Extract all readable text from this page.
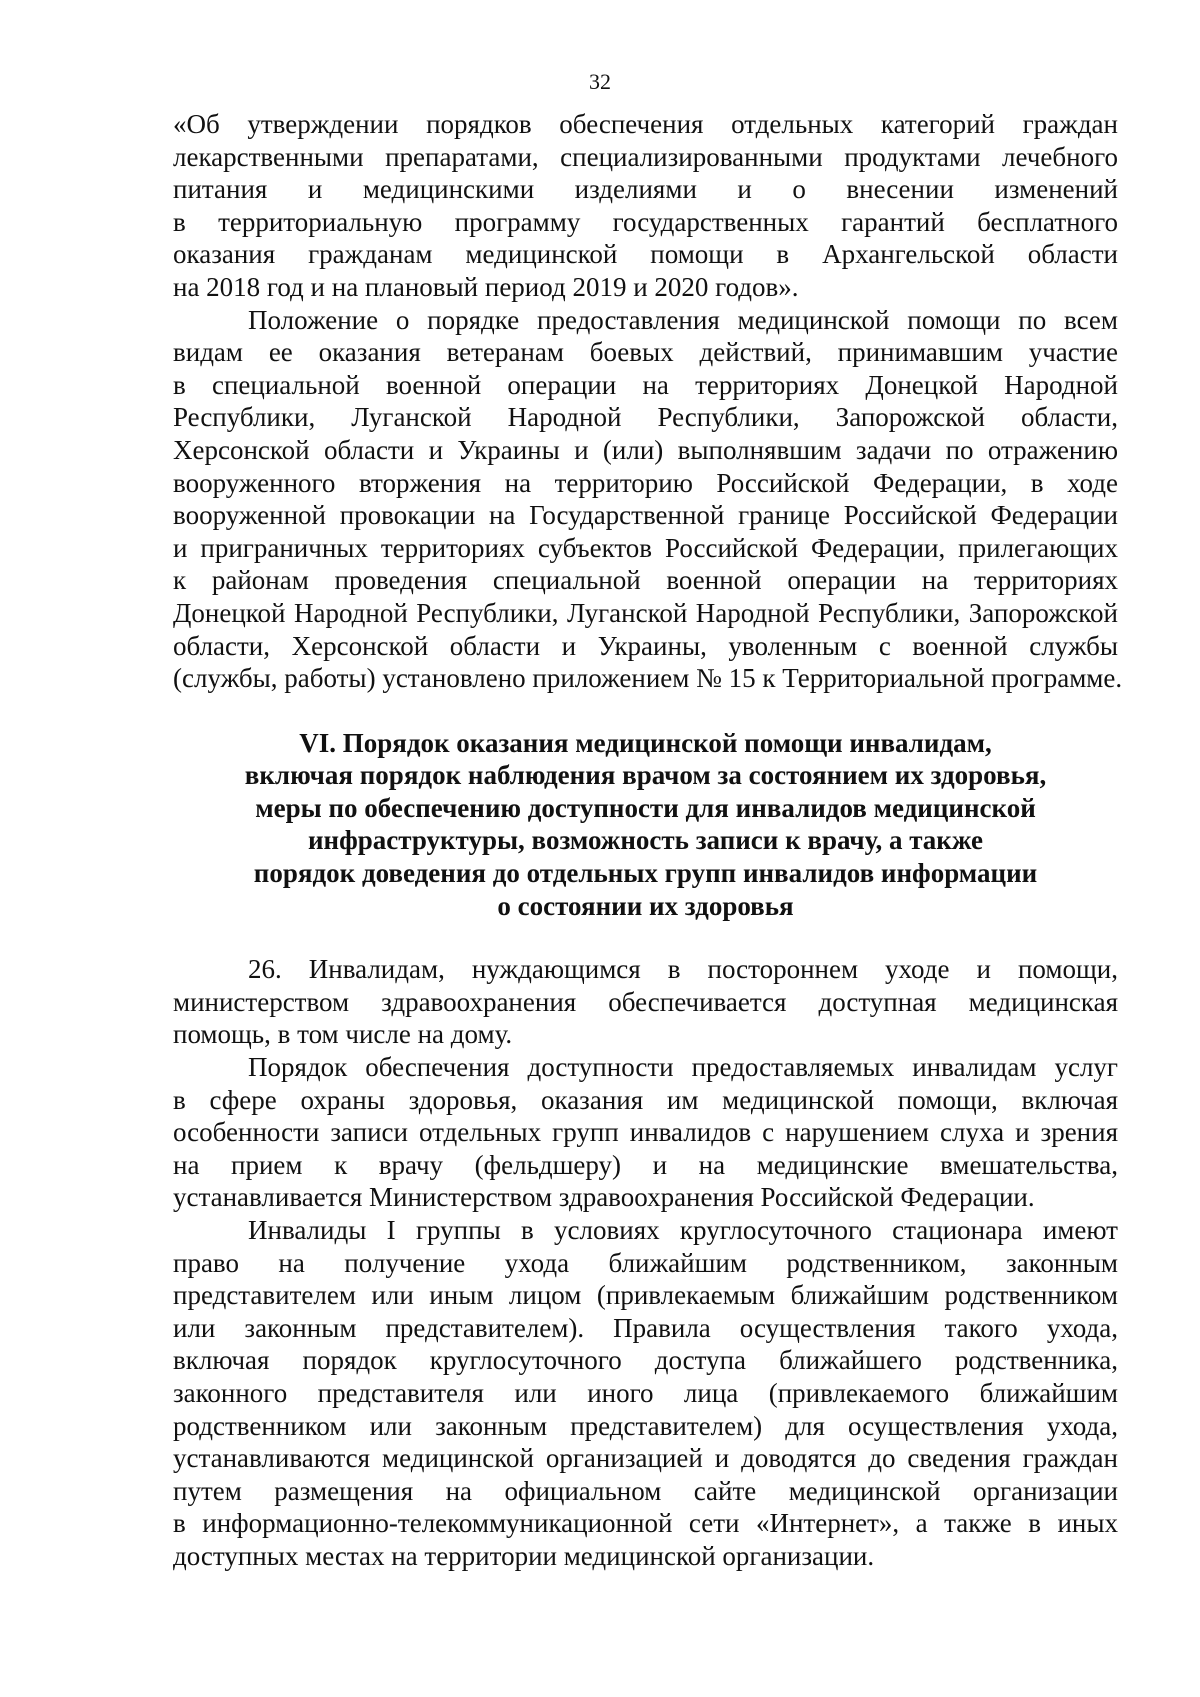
32
«Об утверждении порядков обеспечения отдельных категорий граждан
лекарственными препаратами, специализированными продуктами лечебного
питания и медицинскими изделиями и о внесении изменений
в территориальную программу государственных гарантий бесплатного
оказания гражданам медицинской помощи в Архангельской области
на 2018 год и на плановый период 2019 и 2020 годов».
Положение о порядке предоставления медицинской помощи по всем
видам ее оказания ветеранам боевых действий, принимавшим участие
в специальной военной операции на территориях Донецкой Народной
Республики, Луганской Народной Республики, Запорожской области,
Херсонской области и Украины и (или) выполнявшим задачи по отражению
вооруженного вторжения на территорию Российской Федерации, в ходе
вооруженной провокации на Государственной границе Российской Федерации
и приграничных территориях субъектов Российской Федерации, прилегающих
к районам проведения специальной военной операции на территориях
Донецкой Народной Республики, Луганской Народной Республики, Запорожской
области, Херсонской области и Украины, уволенным с военной службы
(службы, работы) установлено приложением № 15 к Территориальной программе.
VI. Порядок оказания медицинской помощи инвалидам,
включая порядок наблюдения врачом за состоянием их здоровья,
меры по обеспечению доступности для инвалидов медицинской
инфраструктуры, возможность записи к врачу, а также
порядок доведения до отдельных групп инвалидов информации
о состоянии их здоровья
26. Инвалидам, нуждающимся в постороннем уходе и помощи,
министерством здравоохранения обеспечивается доступная медицинская
помощь, в том числе на дому.
Порядок обеспечения доступности предоставляемых инвалидам услуг
в сфере охраны здоровья, оказания им медицинской помощи, включая
особенности записи отдельных групп инвалидов с нарушением слуха и зрения
на прием к врачу (фельдшеру) и на медицинские вмешательства,
устанавливается Министерством здравоохранения Российской Федерации.
Инвалиды I группы в условиях круглосуточного стационара имеют
право на получение ухода ближайшим родственником, законным
представителем или иным лицом (привлекаемым ближайшим родственником
или законным представителем). Правила осуществления такого ухода,
включая порядок круглосуточного доступа ближайшего родственника,
законного представителя или иного лица (привлекаемого ближайшим
родственником или законным представителем) для осуществления ухода,
устанавливаются медицинской организацией и доводятся до сведения граждан
путем размещения на официальном сайте медицинской организации
в информационно-телекоммуникационной сети «Интернет», а также в иных
доступных местах на территории медицинской организации.
